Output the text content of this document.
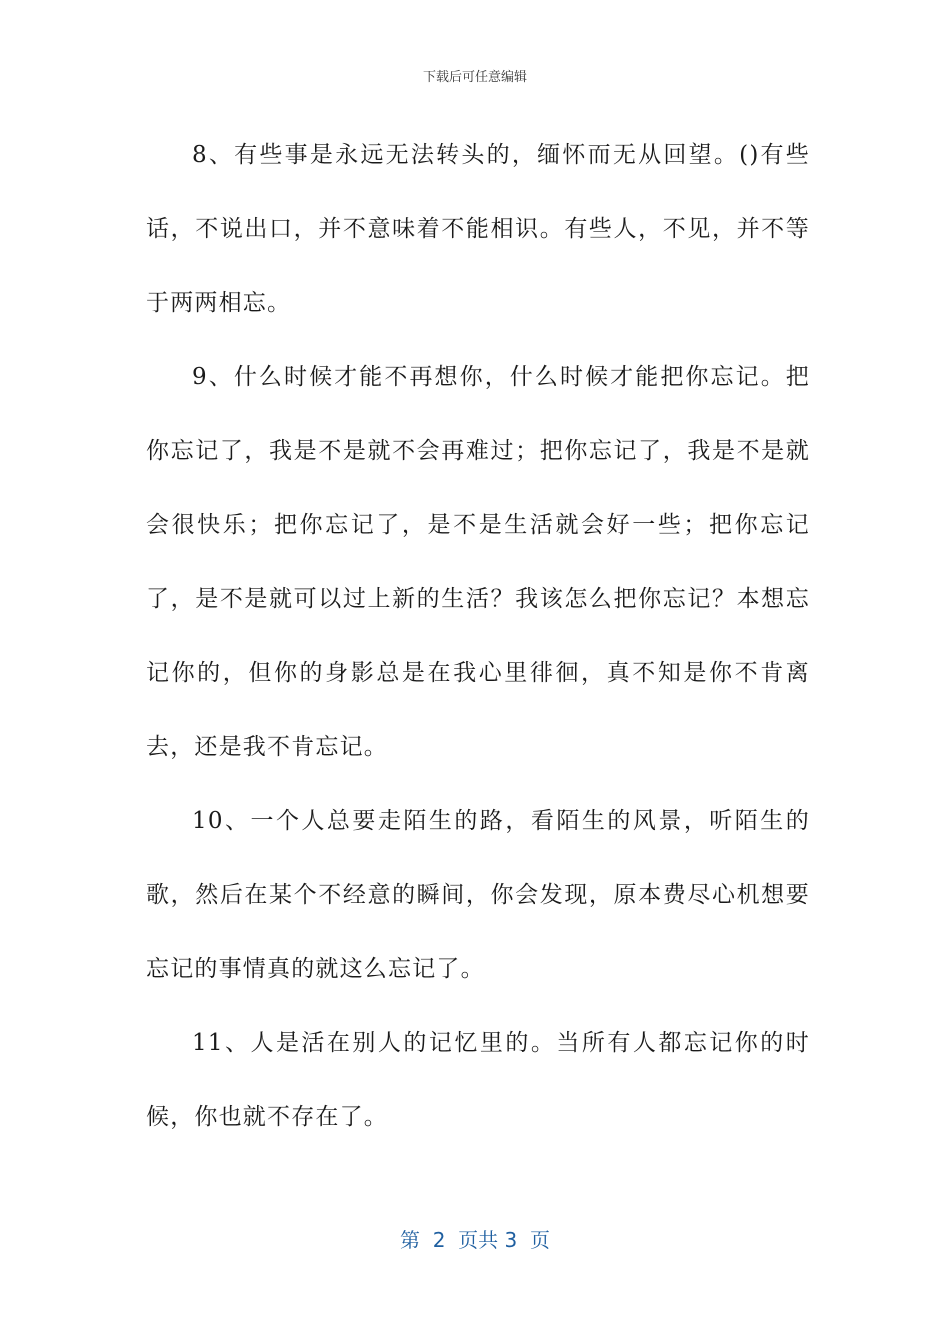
下载后可任意编辑

8、有些事是永远无法转头的，缅怀而无从回望。()有些话，不说出口，并不意味着不能相识。有些人，不见，并不等于两两相忘。

9、什么时候才能不再想你，什么时候才能把你忘记。把你忘记了，我是不是就不会再难过；把你忘记了，我是不是就会很快乐；把你忘记了，是不是生活就会好一些；把你忘记了，是不是就可以过上新的生活？我该怎么把你忘记？本想忘记你的，但你的身影总是在我心里徘徊，真不知是你不肯离去，还是我不肯忘记。

10、一个人总要走陌生的路，看陌生的风景，听陌生的歌，然后在某个不经意的瞬间，你会发现，原本费尽心机想要忘记的事情真的就这么忘记了。

11、人是活在别人的记忆里的。当所有人都忘记你的时候，你也就不存在了。

第  2  页共 3  页
